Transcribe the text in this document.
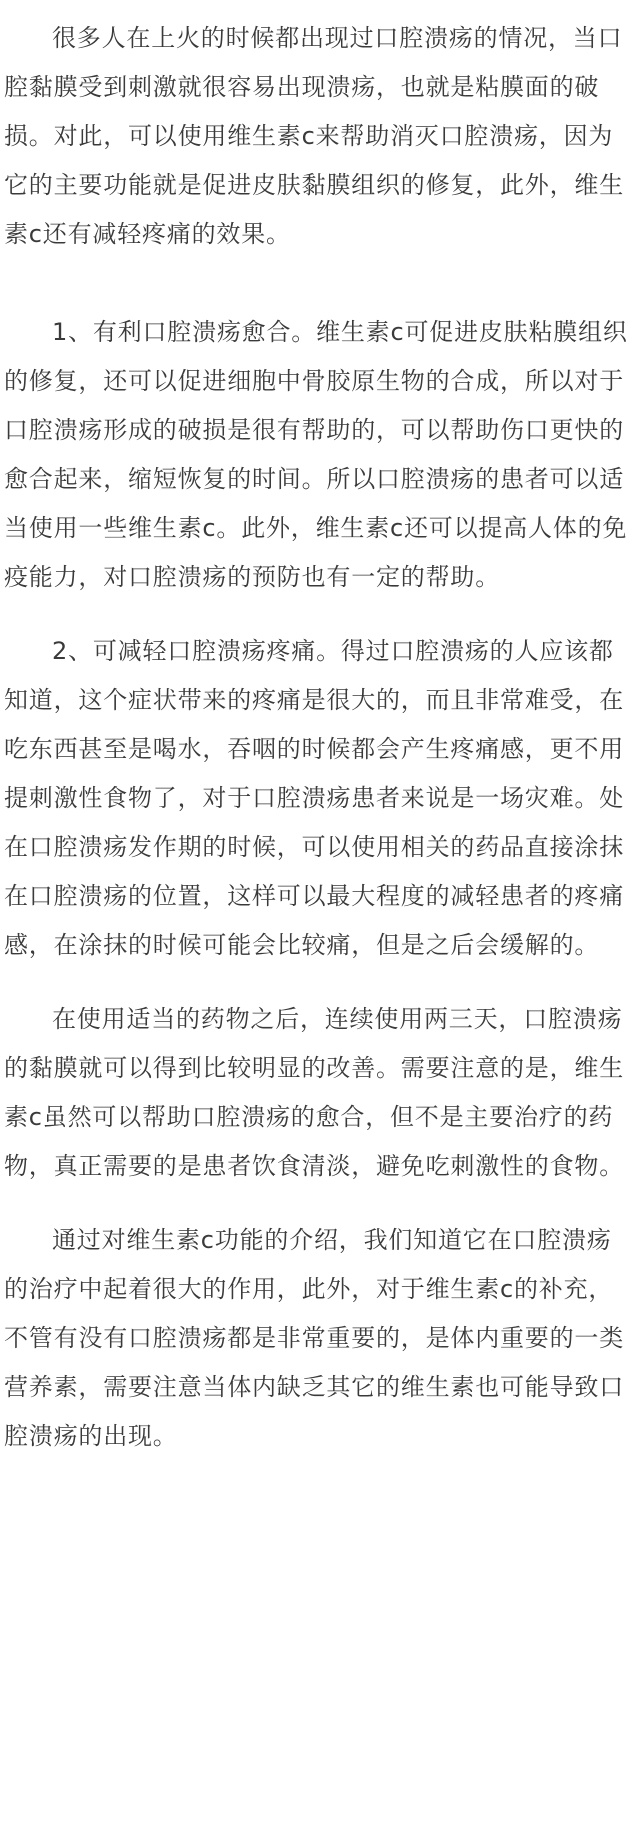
很多人在上火的时候都出现过口腔溃疡的情况，当口腔黏膜受到刺激就很容易出现溃疡，也就是粘膜面的破损。对此，可以使用维生素c来帮助消灭口腔溃疡，因为它的主要功能就是促进皮肤黏膜组织的修复，此外，维生素c还有减轻疼痛的效果。

1、有利口腔溃疡愈合。维生素c可促进皮肤粘膜组织的修复，还可以促进细胞中骨胶原生物的合成，所以对于口腔溃疡形成的破损是很有帮助的，可以帮助伤口更快的愈合起来，缩短恢复的时间。所以口腔溃疡的患者可以适当使用一些维生素c。此外，维生素c还可以提高人体的免疫能力，对口腔溃疡的预防也有一定的帮助。

2、可减轻口腔溃疡疼痛。得过口腔溃疡的人应该都知道，这个症状带来的疼痛是很大的，而且非常难受，在吃东西甚至是喝水，吞咽的时候都会产生疼痛感，更不用提刺激性食物了，对于口腔溃疡患者来说是一场灾难。处在口腔溃疡发作期的时候，可以使用相关的药品直接涂抹在口腔溃疡的位置，这样可以最大程度的减轻患者的疼痛感，在涂抹的时候可能会比较痛，但是之后会缓解的。

在使用适当的药物之后，连续使用两三天，口腔溃疡的黏膜就可以得到比较明显的改善。需要注意的是，维生素c虽然可以帮助口腔溃疡的愈合，但不是主要治疗的药物，真正需要的是患者饮食清淡，避免吃刺激性的食物。

通过对维生素c功能的介绍，我们知道它在口腔溃疡的治疗中起着很大的作用，此外，对于维生素c的补充，不管有没有口腔溃疡都是非常重要的，是体内重要的一类营养素，需要注意当体内缺乏其它的维生素也可能导致口腔溃疡的出现。
